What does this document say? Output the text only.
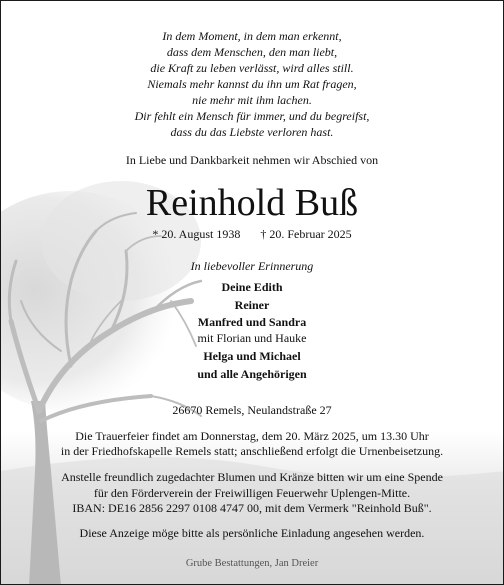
In dem Moment, in dem man erkennt,
dass dem Menschen, den man liebt,
die Kraft zu leben verlässt, wird alles still.
Niemals mehr kannst du ihn um Rat fragen,
nie mehr mit ihm lachen.
Dir fehlt ein Mensch für immer, und du begreifst,
dass du das Liebste verloren hast.
In Liebe und Dankbarkeit nehmen wir Abschied von
Reinhold Buß
* 20. August 1938 † 20. Februar 2025
In liebevoller Erinnerung
Deine Edith
Reiner
Manfred und Sandra
mit Florian und Hauke
Helga und Michael
und alle Angehörigen
26670 Remels, Neulandstraße 27
Die Trauerfeier findet am Donnerstag, dem 20. März 2025, um 13.30 Uhr
in der Friedhofskapelle Remels statt; anschließend erfolgt die Urnenbeisetzung.
Anstelle freundlich zugedachter Blumen und Kränze bitten wir um eine Spende
für den Förderverein der Freiwilligen Feuerwehr Uplengen-Mitte.
IBAN: DE16 2856 2297 0108 4747 00, mit dem Vermerk "Reinhold Buß".
Diese Anzeige möge bitte als persönliche Einladung angesehen werden.
Grube Bestattungen, Jan Dreier
